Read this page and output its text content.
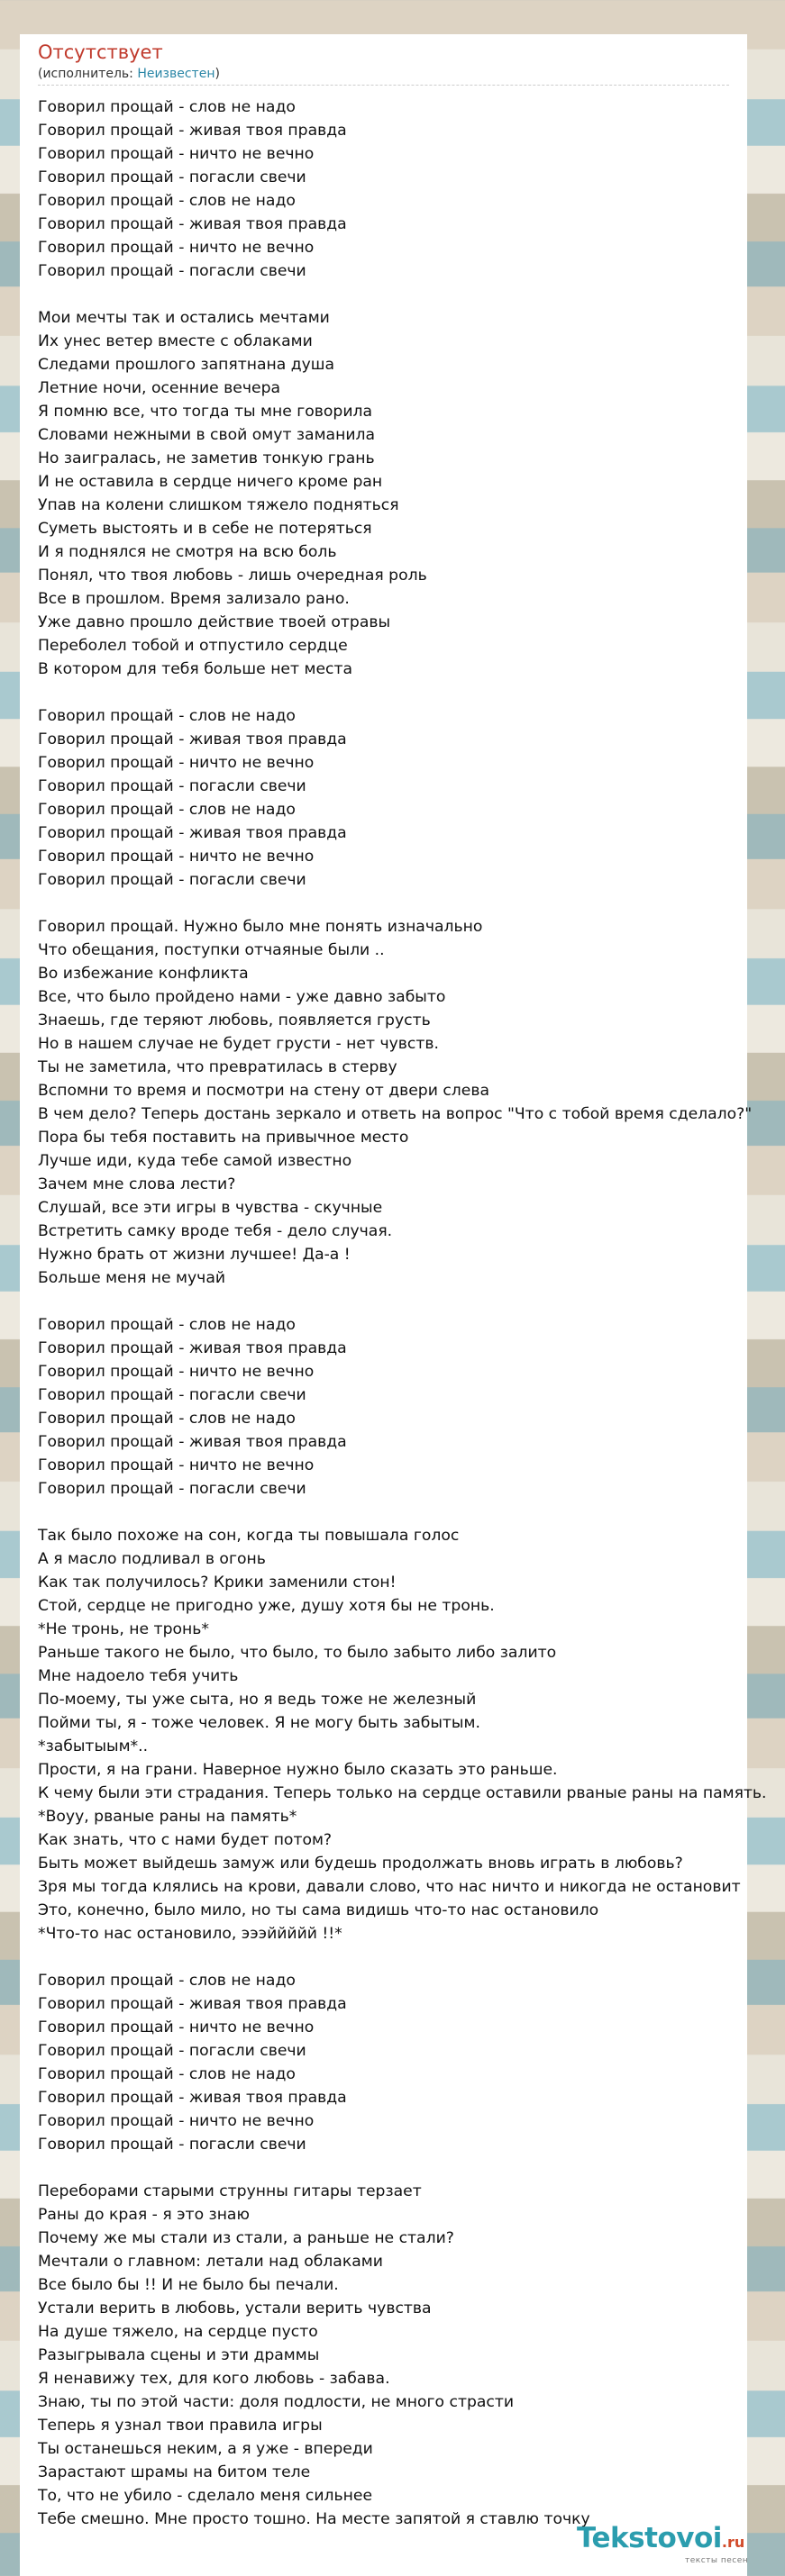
Отсутствует
(исполнитель: Неизвестен)
Говорил прощай - слов не надо
Говорил прощай - живая твоя правда
Говорил прощай - ничто не вечно
Говорил прощай - погасли свечи
Говорил прощай - слов не надо
Говорил прощай - живая твоя правда
Говорил прощай - ничто не вечно
Говорил прощай - погасли свечи
Мои мечты так и остались мечтами
Их унес ветер вместе с облаками
Следами прошлого запятнана душа
Летние ночи, осенние вечера
Я помню все, что тогда ты мне говорила
Словами нежными в свой омут заманила
Но заигралась, не заметив тонкую грань
И не оставила в сердце ничего кроме ран
Упав на колени слишком тяжело подняться
Суметь выстоять и в себе не потеряться
И я поднялся не смотря на всю боль
Понял, что твоя любовь - лишь очередная роль
Все в прошлом. Время зализало рано.
Уже давно прошло действие твоей отравы
Переболел тобой и отпустило сердце
В котором для тебя больше нет места
Говорил прощай - слов не надо
Говорил прощай - живая твоя правда
Говорил прощай - ничто не вечно
Говорил прощай - погасли свечи
Говорил прощай - слов не надо
Говорил прощай - живая твоя правда
Говорил прощай - ничто не вечно
Говорил прощай - погасли свечи
Говорил прощай. Нужно было мне понять изначально
Что обещания, поступки отчаяные были ..
Во избежание конфликта
Все, что было пройдено нами - уже давно забыто
Знаешь, где теряют любовь, появляется грусть
Но в нашем случае не будет грусти - нет чувств.
Ты не заметила, что превратилась в стерву
Вспомни то время и посмотри на стену от двери слева
В чем дело? Теперь достань зеркало и ответь на вопрос "Что с тобой время сделало?"
Пора бы тебя поставить на привычное место
Лучше иди, куда тебе самой известно
Зачем мне слова лести?
Слушай, все эти игры в чувства - скучные
Встретить самку вроде тебя - дело случая.
Нужно брать от жизни лучшее! Да-а !
Больше меня не мучай
Говорил прощай - слов не надо
Говорил прощай - живая твоя правда
Говорил прощай - ничто не вечно
Говорил прощай - погасли свечи
Говорил прощай - слов не надо
Говорил прощай - живая твоя правда
Говорил прощай - ничто не вечно
Говорил прощай - погасли свечи
Так было похоже на сон, когда ты повышала голос
А я масло подливал в огонь
Как так получилось? Крики заменили стон!
Стой, сердце не пригодно уже, душу хотя бы не тронь.
*Не тронь, не тронь*
Раньше такого не было, что было, то было забыто либо залито
Мне надоело тебя учить
По-моему, ты уже сыта, но я ведь тоже не железный
Пойми ты, я - тоже человек. Я не могу быть забытым.
*забытыым*..
Прости, я на грани. Наверное нужно было сказать это раньше.
К чему были эти страдания. Теперь только на сердце оставили рваные раны на память.
*Воуу, рваные раны на память*
Как знать, что с нами будет потом?
Быть может выйдешь замуж или будешь продолжать вновь играть в любовь?
Зря мы тогда клялись на крови, давали слово, что нас ничто и никогда не остановит
Это, конечно, было мило, но ты сама видишь что-то нас остановило
*Что-то нас остановило, эээййййй !!*
Говорил прощай - слов не надо
Говорил прощай - живая твоя правда
Говорил прощай - ничто не вечно
Говорил прощай - погасли свечи
Говорил прощай - слов не надо
Говорил прощай - живая твоя правда
Говорил прощай - ничто не вечно
Говорил прощай - погасли свечи
Переборами старыми струнны гитары терзает
Раны до края - я это знаю
Почему же мы стали из стали, а раньше не стали?
Мечтали о главном: летали над облаками
Все было бы !! И не было бы печали.
Устали верить в любовь, устали верить чувства
На душе тяжело, на сердце пусто
Разыгрывала сцены и эти драммы
Я ненавижу тех, для кого любовь - забава.
Знаю, ты по этой части: доля подлости, не много страсти
Теперь я узнал твои правила игры
Ты останешься неким, а я уже - впереди
Зарастают шрамы на битом теле
То, что не убило - сделало меня сильнее
Тебе смешно. Мне просто тошно. На месте запятой я ставлю точку
Tekstovoi.ru
тексты песен
